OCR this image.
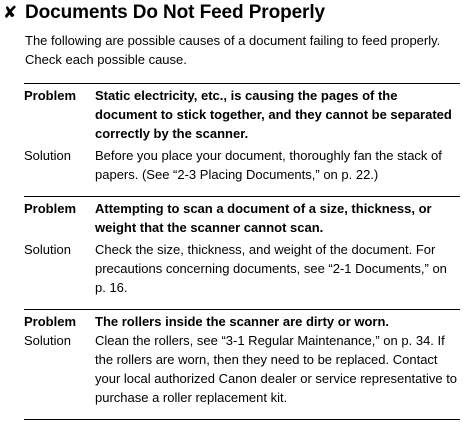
✘ Documents Do Not Feed Properly
The following are possible causes of a document failing to feed properly. Check each possible cause.
Problem	Static electricity, etc., is causing the pages of the document to stick together, and they cannot be separated correctly by the scanner.
Solution	Before you place your document, thoroughly fan the stack of papers. (See “2-3 Placing Documents,” on p. 22.)
Problem	Attempting to scan a document of a size, thickness, or weight that the scanner cannot scan.
Solution	Check the size, thickness, and weight of the document. For precautions concerning documents, see “2-1 Documents,” on p. 16.
Problem	The rollers inside the scanner are dirty or worn.
Solution	Clean the rollers, see “3-1 Regular Maintenance,” on p. 34. If the rollers are worn, then they need to be replaced. Contact your local authorized Canon dealer or service representative to purchase a roller replacement kit.
